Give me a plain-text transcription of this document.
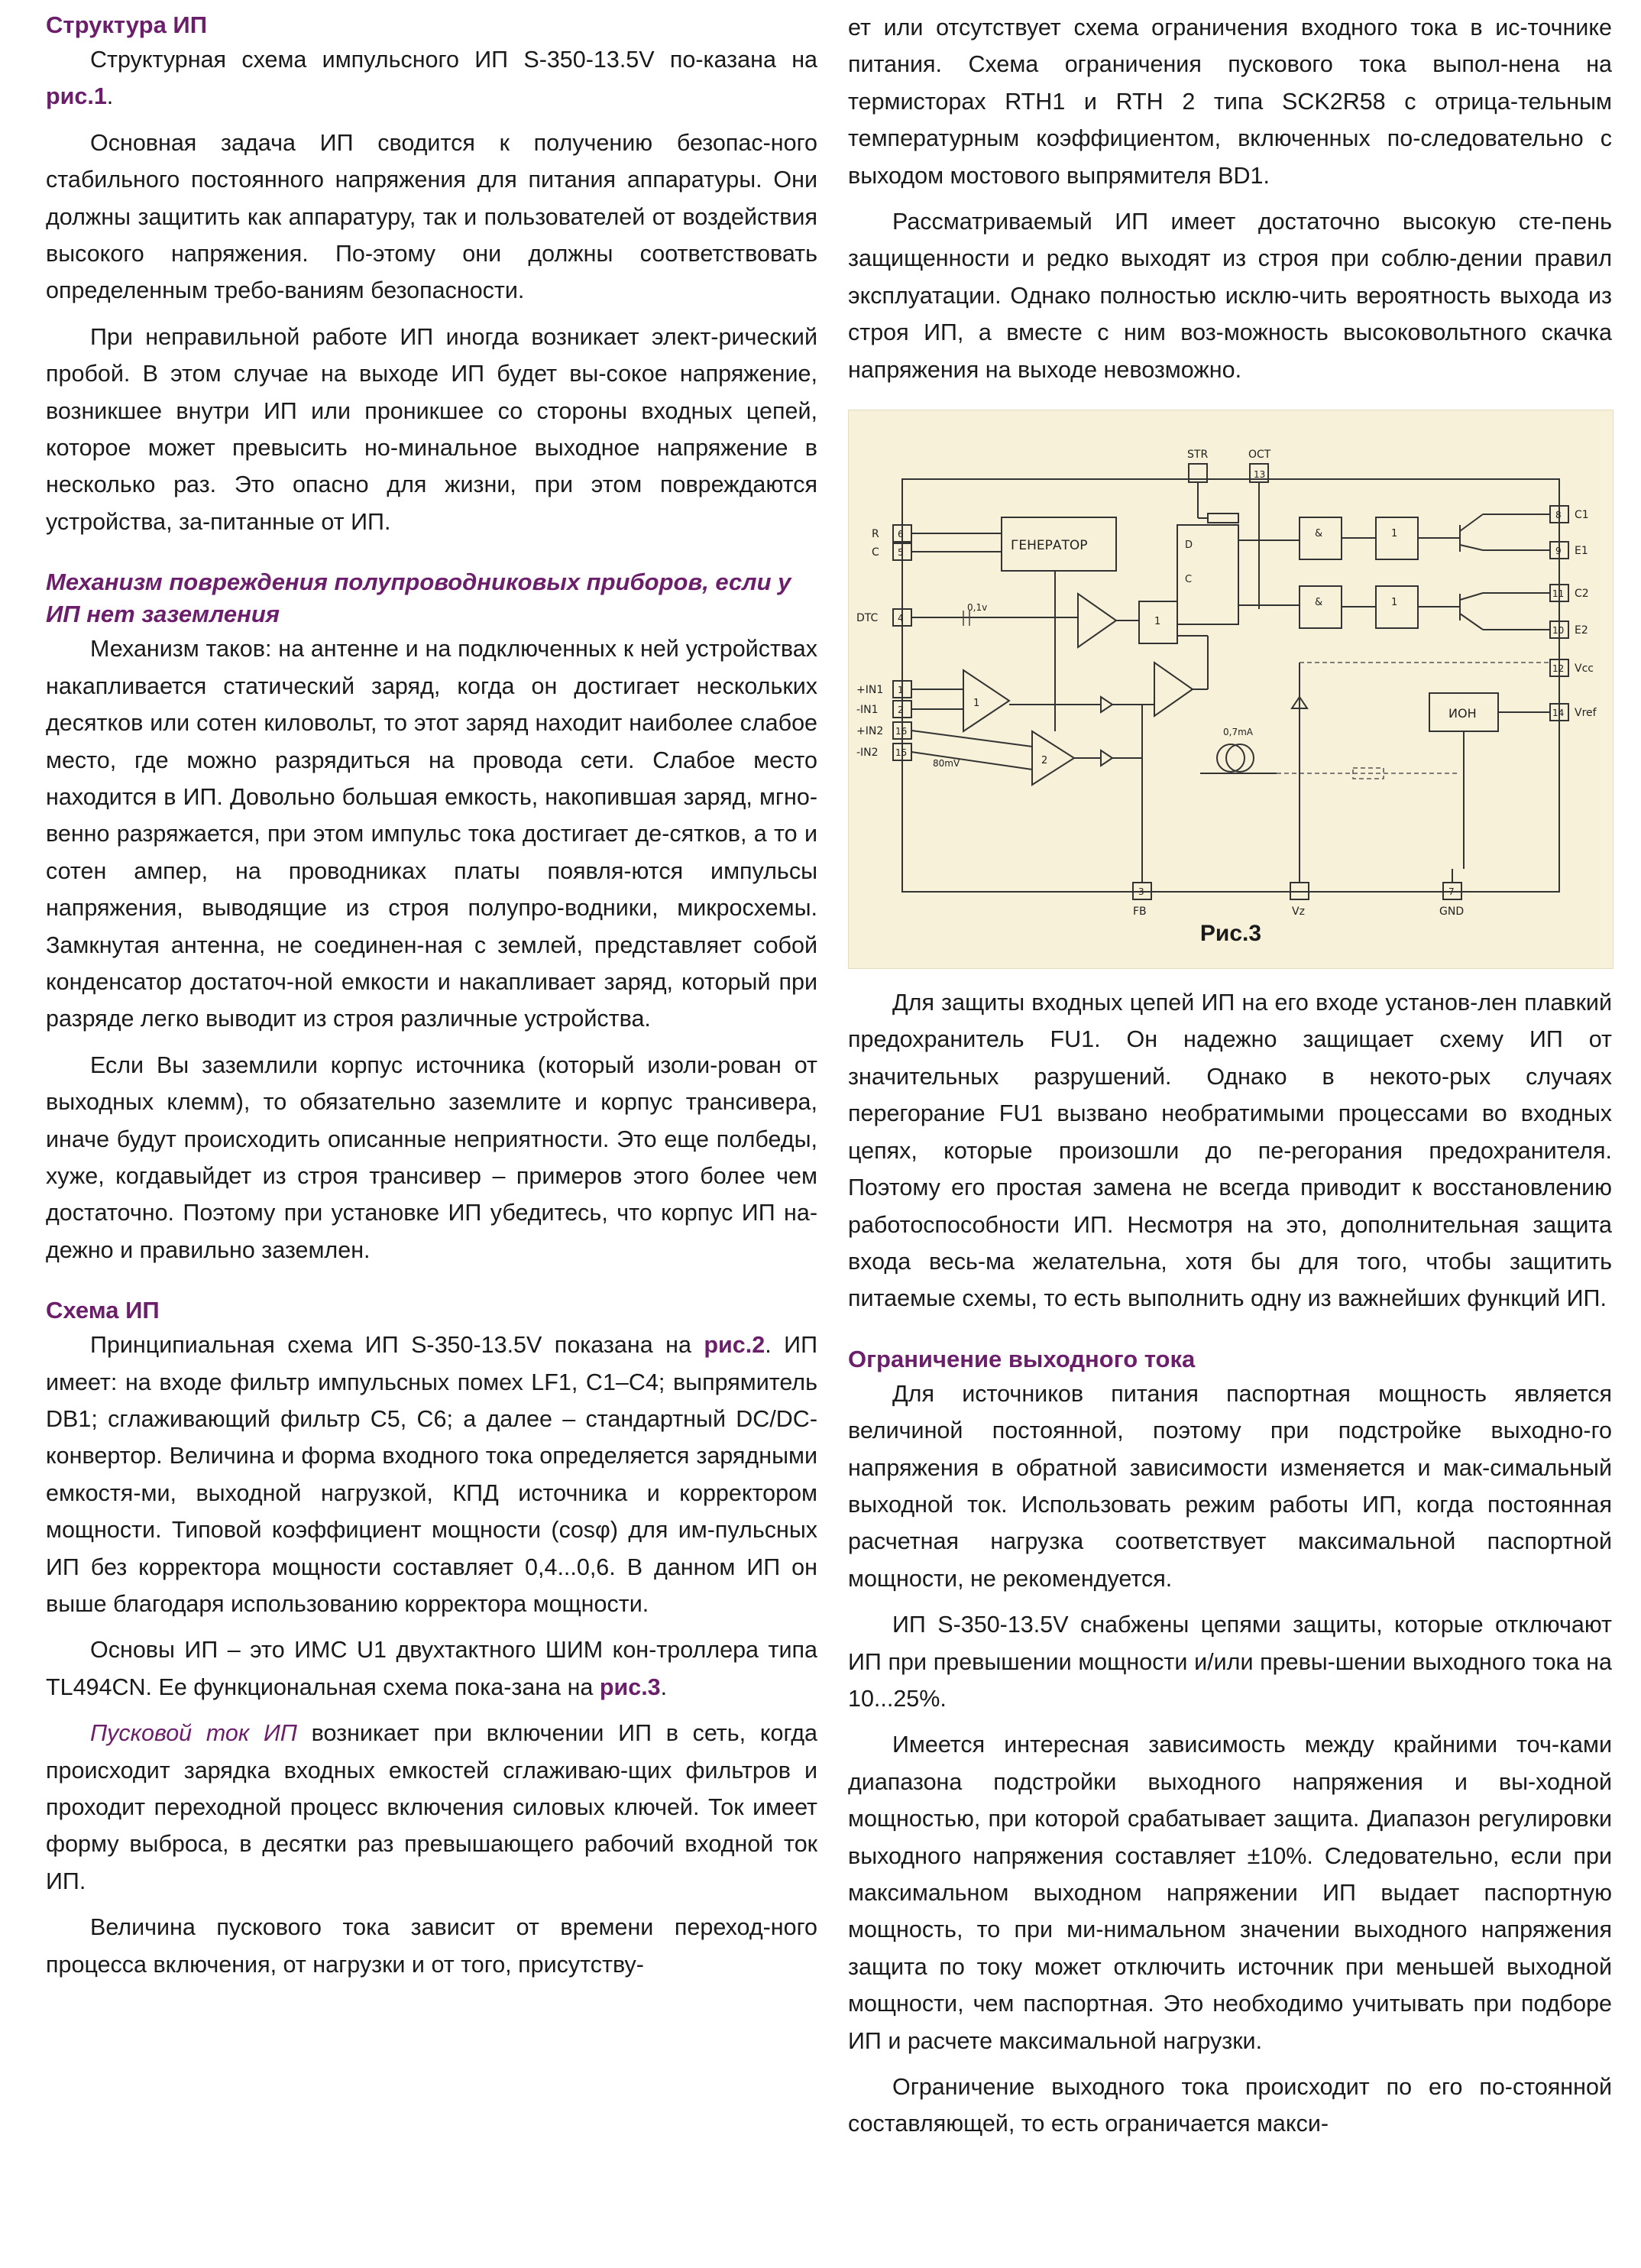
Структура ИП

Структурная схема импульсного ИП S-350-13.5V по-казана на рис.1.

Основная задача ИП сводится к получению безопас-ного стабильного постоянного напряжения для питания аппаратуры. Они должны защитить как аппаратуру, так и пользователей от воздействия высокого напряжения. По-этому они должны соответствовать определенным требо-ваниям безопасности.

При неправильной работе ИП иногда возникает элект-рический пробой. В этом случае на выходе ИП будет вы-сокое напряжение, возникшее внутри ИП или проникшее со стороны входных цепей, которое может превысить но-минальное выходное напряжение в несколько раз. Это опасно для жизни, при этом повреждаются устройства, за-питанные от ИП.

Механизм повреждения полупроводниковых приборов, если у ИП нет заземления

Механизм таков: на антенне и на подключенных к ней устройствах накапливается статический заряд, когда он достигает нескольких десятков или сотен киловольт, то этот заряд находит наиболее слабое место, где можно разрядиться на провода сети. Слабое место находится в ИП. Довольно большая емкость, накопившая заряд, мгно-венно разряжается, при этом импульс тока достигает де-сятков, а то и сотен ампер, на проводниках платы появля-ются импульсы напряжения, выводящие из строя полупро-водники, микросхемы. Замкнутая антенна, не соединен-ная с землей, представляет собой конденсатор достаточ-ной емкости и накапливает заряд, который при разряде легко выводит из строя различные устройства.

Если Вы заземлили корпус источника (который изоли-рован от выходных клемм), то обязательно заземлите и корпус трансивера, иначе будут происходить описанные неприятности. Это еще полбеды, хуже, когдавыйдет из строя трансивер – примеров этого более чем достаточно. Поэтому при установке ИП убедитесь, что корпус ИП на-дежно и правильно заземлен.

Схема ИП

Принципиальная схема ИП S-350-13.5V показана на рис.2. ИП имеет: на входе фильтр импульсных помех LF1, C1–C4; выпрямитель DB1; сглаживающий фильтр C5, C6; а далее – стандартный DC/DC-конвертор. Величина и форма входного тока определяется зарядными емкостя-ми, выходной нагрузкой, КПД источника и корректором мощности. Типовой коэффициент мощности (cosφ) для им-пульсных ИП без корректора мощности составляет 0,4...0,6. В данном ИП он выше благодаря использованию корректора мощности.

Основы ИП – это ИМС U1 двухтактного ШИМ кон-троллера типа TL494CN. Ее функциональная схема пока-зана на рис.3.

Пусковой ток ИП возникает при включении ИП в сеть, когда происходит зарядка входных емкостей сглаживаю-щих фильтров и проходит переходной процесс включения силовых ключей. Ток имеет форму выброса, в десятки раз превышающего рабочий входной ток ИП.

Величина пускового тока зависит от времени переход-ного процесса включения, от нагрузки и от того, присутству-

ет или отсутствует схема ограничения входного тока в ис-точнике питания. Схема ограничения пускового тока выпол-нена на термисторах RTH1 и RTH 2 типа SCK2R58 с отрица-тельным температурным коэффициентом, включенных по-следовательно с выходом мостового выпрямителя BD1.

Рассматриваемый ИП имеет достаточно высокую сте-пень защищенности и редко выходят из строя при соблю-дении правил эксплуатации. Однако полностью исклю-чить вероятность выхода из строя ИП, а вместе с ним воз-можность высоковольтного скачка напряжения на выходе невозможно.

STR
13
OCT
6
R
5
C
4
DTC
1
+IN1
2
-IN1
16
+IN2
15
-IN2
8 C1
9 E1
11 C2
10 E2
12 Vcc
14 Vref
3
FB	Vz
7
GND
ГЕНЕРАТОР	D
C
&
&
1
1
1
0,1v
1
2
80mV
0,7mA
ИОН
Рис.3

Для защиты входных цепей ИП на его входе установ-лен плавкий предохранитель FU1. Он надежно защищает схему ИП от значительных разрушений. Однако в некото-рых случаях перегорание FU1 вызвано необратимыми процессами во входных цепях, которые произошли до пе-регорания предохранителя. Поэтому его простая замена не всегда приводит к восстановлению работоспособности ИП. Несмотря на это, дополнительная защита входа весь-ма желательна, хотя бы для того, чтобы защитить питаемые схемы, то есть выполнить одну из важнейших функций ИП.

Ограничение выходного тока

Для источников питания паспортная мощность является величиной постоянной, поэтому при подстройке выходно-го напряжения в обратной зависимости изменяется и мак-симальный выходной ток. Использовать режим работы ИП, когда постоянная расчетная нагрузка соответствует максимальной паспортной мощности, не рекомендуется.

ИП S-350-13.5V снабжены цепями защиты, которые отключают ИП при превышении мощности и/или превы-шении выходного тока на 10...25%.

Имеется интересная зависимость между крайними точ-ками диапазона подстройки выходного напряжения и вы-ходной мощностью, при которой срабатывает защита. Диапазон регулировки выходного напряжения составляет ±10%. Следовательно, если при максимальном выходном напряжении ИП выдает паспортную мощность, то при ми-нимальном значении выходного напряжения защита по току может отключить источник при меньшей выходной мощности, чем паспортная. Это необходимо учитывать при подборе ИП и расчете максимальной нагрузки.

Ограничение выходного тока происходит по его по-стоянной составляющей, то есть ограничается макси-
